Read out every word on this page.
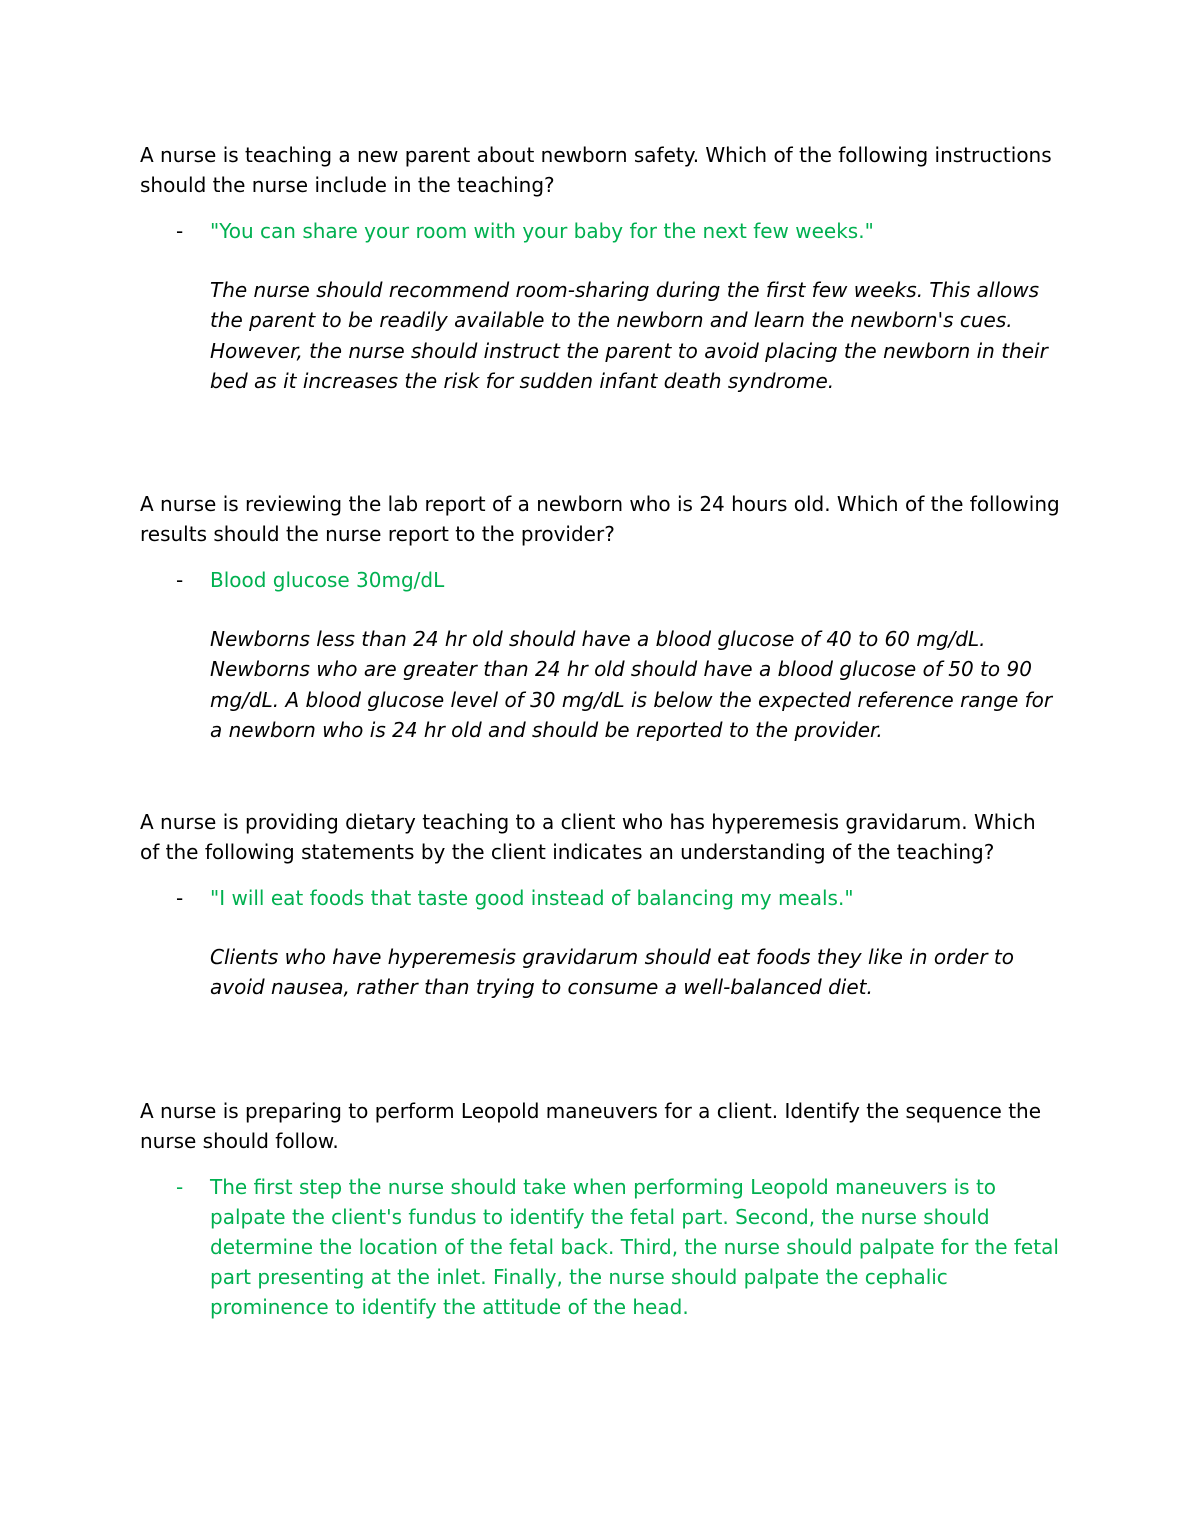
A nurse is teaching a new parent about newborn safety. Which of the following instructions should the nurse include in the teaching?

- "You can share your room with your baby for the next few weeks."
The nurse should recommend room-sharing during the first few weeks. This allows the parent to be readily available to the newborn and learn the newborn's cues. However, the nurse should instruct the parent to avoid placing the newborn in their bed as it increases the risk for sudden infant death syndrome.

A nurse is reviewing the lab report of a newborn who is 24 hours old. Which of the following results should the nurse report to the provider?

- Blood glucose 30mg/dL
Newborns less than 24 hr old should have a blood glucose of 40 to 60 mg/dL. Newborns who are greater than 24 hr old should have a blood glucose of 50 to 90 mg/dL. A blood glucose level of 30 mg/dL is below the expected reference range for a newborn who is 24 hr old and should be reported to the provider.

A nurse is providing dietary teaching to a client who has hyperemesis gravidarum. Which of the following statements by the client indicates an understanding of the teaching?

- "I will eat foods that taste good instead of balancing my meals."
Clients who have hyperemesis gravidarum should eat foods they like in order to avoid nausea, rather than trying to consume a well-balanced diet.

A nurse is preparing to perform Leopold maneuvers for a client. Identify the sequence the nurse should follow.

- The first step the nurse should take when performing Leopold maneuvers is to palpate the client's fundus to identify the fetal part. Second, the nurse should determine the location of the fetal back. Third, the nurse should palpate for the fetal part presenting at the inlet. Finally, the nurse should palpate the cephalic prominence to identify the attitude of the head.
